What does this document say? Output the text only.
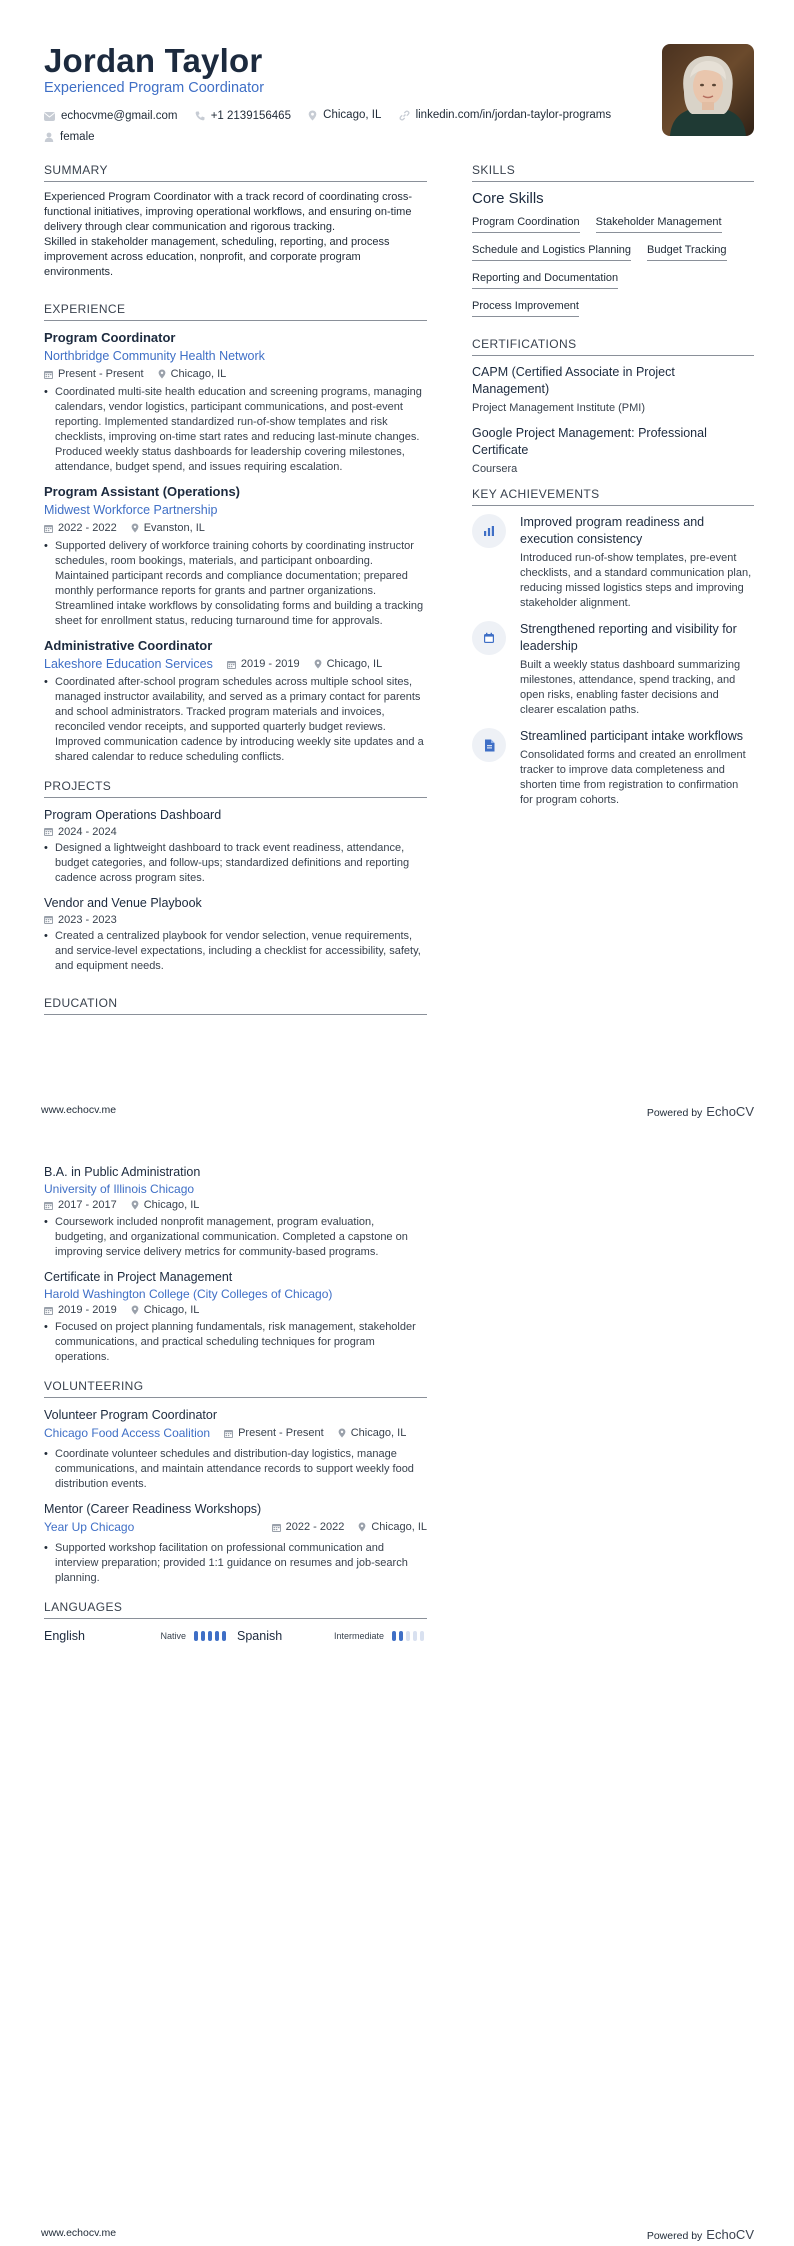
Jordan Taylor
Experienced Program Coordinator
echocvme@gmail.com
	+1 2139156465
	Chicago, IL
	linkedin.com/in/jordan-taylor-programs

female
SUMMARY
Experienced Program Coordinator with a track record of coordinating cross-functional initiatives, improving operational workflows, and ensuring on-time delivery through clear communication and rigorous tracking.
Skilled in stakeholder management, scheduling, reporting, and process improvement across education, nonprofit, and corporate program environments.
EXPERIENCE
Program Coordinator
Northbridge Community Health Network
Present - Present Chicago, IL
• Coordinated multi-site health education and screening programs, managing calendars, vendor logistics, participant communications, and post-event reporting. Implemented standardized run-of-show templates and risk checklists, improving on-time start rates and reducing last-minute changes. Produced weekly status dashboards for leadership covering milestones, attendance, budget spend, and issues requiring escalation.
Program Assistant (Operations)
Midwest Workforce Partnership
2022 - 2022 Evanston, IL
• Supported delivery of workforce training cohorts by coordinating instructor schedules, room bookings, materials, and participant onboarding. Maintained participant records and compliance documentation; prepared monthly performance reports for grants and partner organizations. Streamlined intake workflows by consolidating forms and building a tracking sheet for enrollment status, reducing turnaround time for approvals.
Administrative Coordinator
Lakeshore Education Services	2019 - 2019 Chicago, IL
• Coordinated after-school program schedules across multiple school sites, managed instructor availability, and served as a primary contact for parents and school administrators. Tracked program materials and invoices, reconciled vendor receipts, and supported quarterly budget reviews. Improved communication cadence by introducing weekly site updates and a shared calendar to reduce scheduling conflicts.
PROJECTS
Program Operations Dashboard
2024 - 2024
• Designed a lightweight dashboard to track event readiness, attendance, budget categories, and follow-ups; standardized definitions and reporting cadence across program sites.
Vendor and Venue Playbook
2023 - 2023
• Created a centralized playbook for vendor selection, venue requirements, and service-level expectations, including a checklist for accessibility, safety, and equipment needs.
EDUCATION
SKILLS
Core Skills
Program Coordination Stakeholder Management
Schedule and Logistics Planning Budget Tracking
Reporting and Documentation
Process Improvement
CERTIFICATIONS
CAPM (Certified Associate in Project Management)
Project Management Institute (PMI)
Google Project Management: Professional Certificate
Coursera
KEY ACHIEVEMENTS
Improved program readiness and execution consistency
Introduced run-of-show templates, pre-event checklists, and a standard communication plan, reducing missed logistics steps and improving stakeholder alignment.
Strengthened reporting and visibility for leadership
Built a weekly status dashboard summarizing milestones, attendance, spend tracking, and open risks, enabling faster decisions and clearer escalation paths.
Streamlined participant intake workflows
Consolidated forms and created an enrollment tracker to improve data completeness and shorten time from registration to confirmation for program cohorts.
www.echocv.me	Powered by EchoCV
B.A. in Public Administration
University of Illinois Chicago
2017 - 2017 Chicago, IL
• Coursework included nonprofit management, program evaluation, budgeting, and organizational communication. Completed a capstone on improving service delivery metrics for community-based programs.
Certificate in Project Management
Harold Washington College (City Colleges of Chicago)
2019 - 2019 Chicago, IL
• Focused on project planning fundamentals, risk management, stakeholder communications, and practical scheduling techniques for program operations.
VOLUNTEERING
Volunteer Program Coordinator
Chicago Food Access Coalition	Present - Present Chicago, IL
• Coordinate volunteer schedules and distribution-day logistics, manage communications, and maintain attendance records to support weekly food distribution events.
Mentor (Career Readiness Workshops)
Year Up Chicago	2022 - 2022 Chicago, IL
• Supported workshop facilitation on professional communication and interview preparation; provided 1:1 guidance on resumes and job-search planning.
LANGUAGES
English	Native	Spanish	Intermediate
www.echocv.me	Powered by EchoCV
